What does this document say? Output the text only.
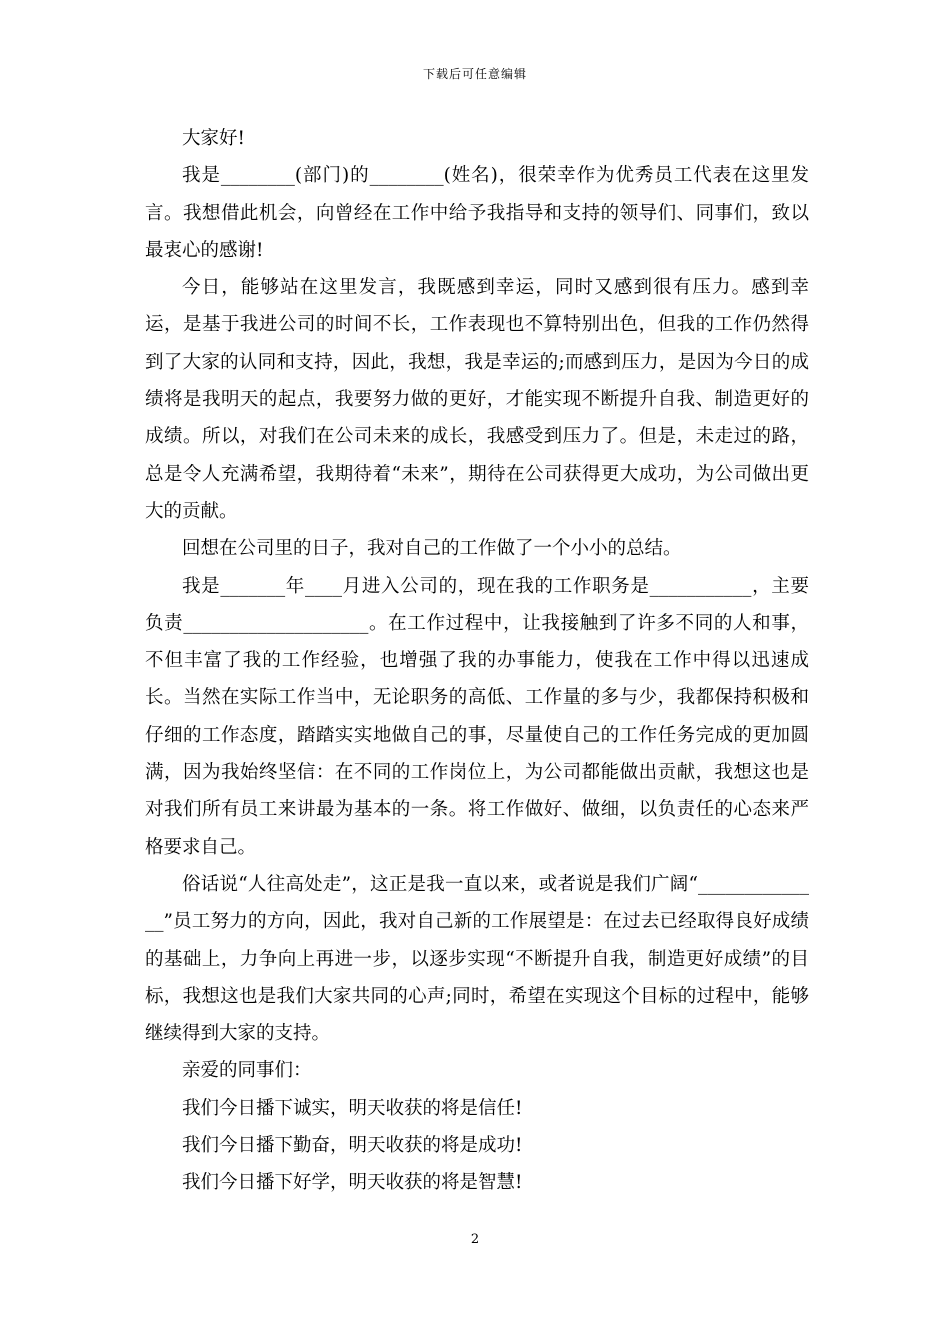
下载后可任意编辑

大家好!

我是________(部门)的________(姓名)，很荣幸作为优秀员工代表在这里发言。我想借此机会，向曾经在工作中给予我指导和支持的领导们、同事们，致以最衷心的感谢!

今日，能够站在这里发言，我既感到幸运，同时又感到很有压力。感到幸运，是基于我进公司的时间不长，工作表现也不算特别出色，但我的工作仍然得到了大家的认同和支持，因此，我想，我是幸运的;而感到压力，是因为今日的成绩将是我明天的起点，我要努力做的更好，才能实现不断提升自我、制造更好的成绩。所以，对我们在公司未来的成长，我感受到压力了。但是，未走过的路，总是令人充满希望，我期待着“未来”，期待在公司获得更大成功，为公司做出更大的贡献。

回想在公司里的日子，我对自己的工作做了一个小小的总结。

我是_______年____月进入公司的，现在我的工作职务是___________，主要负责____________________。在工作过程中，让我接触到了许多不同的人和事，不但丰富了我的工作经验，也增强了我的办事能力，使我在工作中得以迅速成长。当然在实际工作当中，无论职务的高低、工作量的多与少，我都保持积极和仔细的工作态度，踏踏实实地做自己的事，尽量使自己的工作任务完成的更加圆满，因为我始终坚信：在不同的工作岗位上，为公司都能做出贡献，我想这也是对我们所有员工来讲最为基本的一条。将工作做好、做细，以负责任的心态来严格要求自己。

俗话说“人往高处走”，这正是我一直以来，或者说是我们广阔“______________”员工努力的方向，因此，我对自己新的工作展望是：在过去已经取得良好成绩的基础上，力争向上再进一步，以逐步实现“不断提升自我，制造更好成绩”的目标，我想这也是我们大家共同的心声;同时，希望在实现这个目标的过程中，能够继续得到大家的支持。

亲爱的同事们：

我们今日播下诚实，明天收获的将是信任!

我们今日播下勤奋，明天收获的将是成功!

我们今日播下好学，明天收获的将是智慧!

2
